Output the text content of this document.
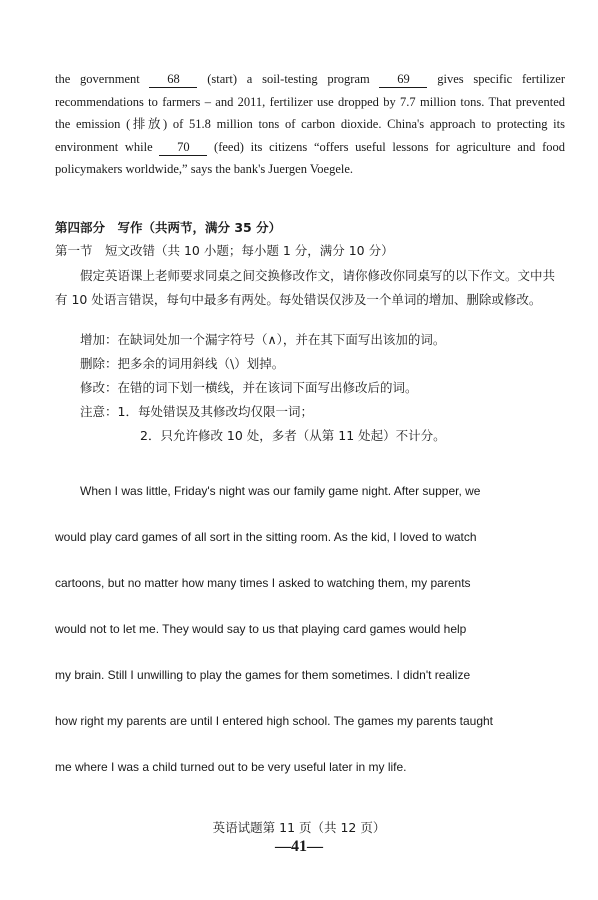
the government 68 (start) a soil-testing program 69 gives specific fertilizer recommendations to farmers – and 2011, fertilizer use dropped by 7.7 million tons. That prevented the emission (排放) of 51.8 million tons of carbon dioxide. China's approach to protecting its environment while 70 (feed) its citizens “offers useful lessons for agriculture and food policymakers worldwide,” says the bank's Juergen Voegele.
第四部分　写作（共两节，满分 35 分）
第一节　短文改错（共 10 小题；每小题 1 分，满分 10 分）
假定英语课上老师要求同桌之间交换修改作文，请你修改你同桌写的以下作文。文中共有 10 处语言错误，每句中最多有两处。每处错误仅涉及一个单词的增加、删除或修改。
增加：在缺词处加一个漏字符号（∧），并在其下面写出该加的词。
删除：把多余的词用斜线（\）划掉。
修改：在错的词下划一横线，并在该词下面写出修改后的词。
注意：1．每处错误及其修改均仅限一词；
2．只允许修改 10 处，多者（从第 11 处起）不计分。
When I was little, Friday's night was our family game night. After supper, we
would play card games of all sort in the sitting room. As the kid, I loved to watch
cartoons, but no matter how many times I asked to watching them, my parents
would not to let me. They would say to us that playing card games would help
my brain. Still I unwilling to play the games for them sometimes. I didn't realize
how right my parents are until I entered high school. The games my parents taught
me where I was a child turned out to be very useful later in my life.
英语试题第 11 页（共 12 页）
—41—
